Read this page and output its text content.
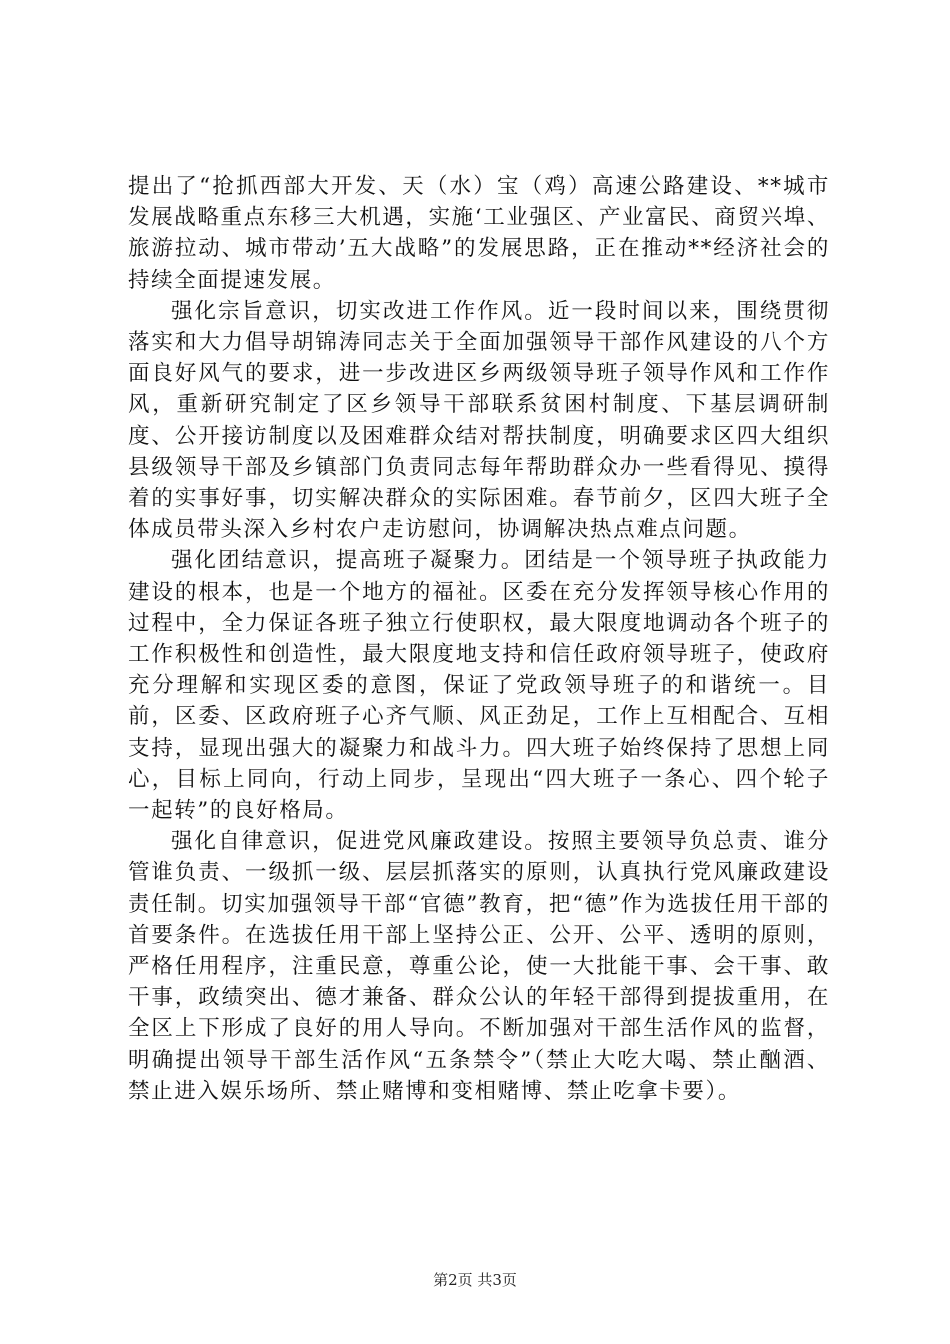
提出了“抢抓西部大开发、天（水）宝（鸡）高速公路建设、**城市发展战略重点东移三大机遇，实施‘工业强区、产业富民、商贸兴埠、旅游拉动、城市带动’五大战略”的发展思路，正在推动**经济社会的持续全面提速发展。

强化宗旨意识，切实改进工作作风。近一段时间以来，围绕贯彻落实和大力倡导胡锦涛同志关于全面加强领导干部作风建设的八个方面良好风气的要求，进一步改进区乡两级领导班子领导作风和工作作风，重新研究制定了区乡领导干部联系贫困村制度、下基层调研制度、公开接访制度以及困难群众结对帮扶制度，明确要求区四大组织县级领导干部及乡镇部门负责同志每年帮助群众办一些看得见、摸得着的实事好事，切实解决群众的实际困难。春节前夕，区四大班子全体成员带头深入乡村农户走访慰问，协调解决热点难点问题。

强化团结意识，提高班子凝聚力。团结是一个领导班子执政能力建设的根本，也是一个地方的福祉。区委在充分发挥领导核心作用的过程中，全力保证各班子独立行使职权，最大限度地调动各个班子的工作积极性和创造性，最大限度地支持和信任政府领导班子，使政府充分理解和实现区委的意图，保证了党政领导班子的和谐统一。目前，区委、区政府班子心齐气顺、风正劲足，工作上互相配合、互相支持，显现出强大的凝聚力和战斗力。四大班子始终保持了思想上同心，目标上同向，行动上同步，呈现出“四大班子一条心、四个轮子一起转”的良好格局。

强化自律意识，促进党风廉政建设。按照主要领导负总责、谁分管谁负责、一级抓一级、层层抓落实的原则，认真执行党风廉政建设责任制。切实加强领导干部“官德”教育，把“德”作为选拔任用干部的首要条件。在选拔任用干部上坚持公正、公开、公平、透明的原则，严格任用程序，注重民意，尊重公论，使一大批能干事、会干事、敢干事，政绩突出、德才兼备、群众公认的年轻干部得到提拔重用，在全区上下形成了良好的用人导向。不断加强对干部生活作风的监督，明确提出领导干部生活作风“五条禁令”（禁止大吃大喝、禁止酗酒、禁止进入娱乐场所、禁止赌博和变相赌博、禁止吃拿卡要）。

第2页 共3页
